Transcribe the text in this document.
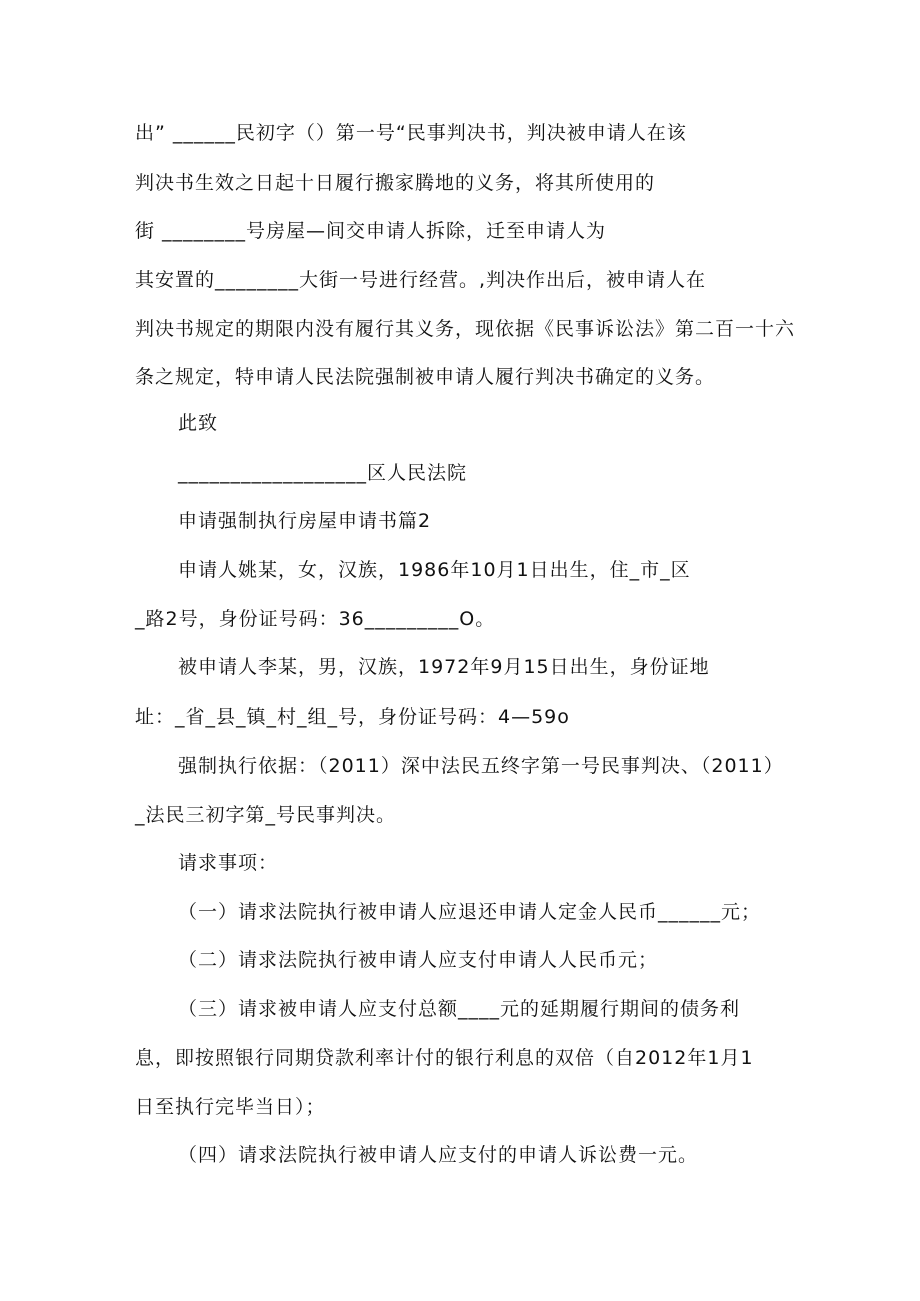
出” ______民初字（）第一号“民事判决书，判决被申请人在该
判决书生效之日起十日履行搬家腾地的义务，将其所使用的
街 ________号房屋—间交申请人拆除，迁至申请人为
其安置的________大街一号进行经营。,判决作出后，被申请人在
判决书规定的期限内没有履行其义务，现依据《民事诉讼法》第二百一十六
条之规定，特申请人民法院强制被申请人履行判决书确定的义务。
此致
__________________区人民法院
申请强制执行房屋申请书篇2
申请人姚某，女，汉族，1986年10月1日出生，住_市_区
_路2号，身份证号码：36_________O。
被申请人李某，男，汉族，1972年9月15日出生，身份证地
址：_省_县_镇_村_组_号，身份证号码：4—59o
强制执行依据：（2011）深中法民五终字第一号民事判决、（2011）
_法民三初字第_号民事判决。
请求事项：
（一）请求法院执行被申请人应退还申请人定金人民币______元；
（二）请求法院执行被申请人应支付申请人人民币元；
（三）请求被申请人应支付总额____元的延期履行期间的债务利
息，即按照银行同期贷款利率计付的银行利息的双倍（自2012年1月1
日至执行完毕当日）；
（四）请求法院执行被申请人应支付的申请人诉讼费一元。
